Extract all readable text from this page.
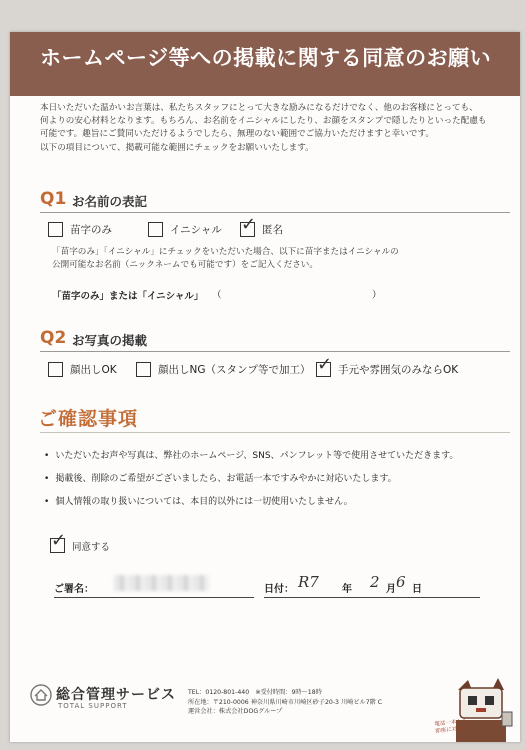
ホームページ等への掲載に関する同意のお願い
本日いただいた温かいお言葉は、私たちスタッフにとって大きな励みになるだけでなく、他のお客様にとっても、
何よりの安心材料となります。もちろん、お名前をイニシャルにしたり、お顔をスタンプで隠したりといった配慮も
可能です。趣旨にご賛同いただけるようでしたら、無理のない範囲でご協力いただけますと幸いです。
以下の項目について、掲載可能な範囲にチェックをお願いいたします。
Q1 お名前の表記
苗字のみ	イニシャル ✓	匿名
「苗字のみ」「イニシャル」にチェックをいただいた場合、以下に苗字またはイニシャルの
公開可能なお名前（ニックネームでも可能です）をご記入ください。
「苗字のみ」または「イニシャル」 （	）
Q2 お写真の掲載
顔出しOK	顔出しNG（スタンプ等で加工） ✓	手元や雰囲気のみならOK
ご確認事項
• いただいたお声や写真は、弊社のホームページ、SNS、パンフレット等で使用させていただきます。
• 掲載後、削除のご希望がございましたら、お電話一本ですみやかに対応いたします。
• 個人情報の取り扱いについては、本目的以外には一切使用いたしません。
✓
同意する
ご署名：	日付： R7 年 2 月 6 日
総合管理サービス
TOTAL SUPPORT
TEL：0120-801-440　※受付時間：9時〜18時
所在地：〒210-0006 神奈川県川崎市川崎区砂子20-3 川崎ビル7階 C
運営会社：株式会社DOGグループ
電話一本から
即座に対応！
